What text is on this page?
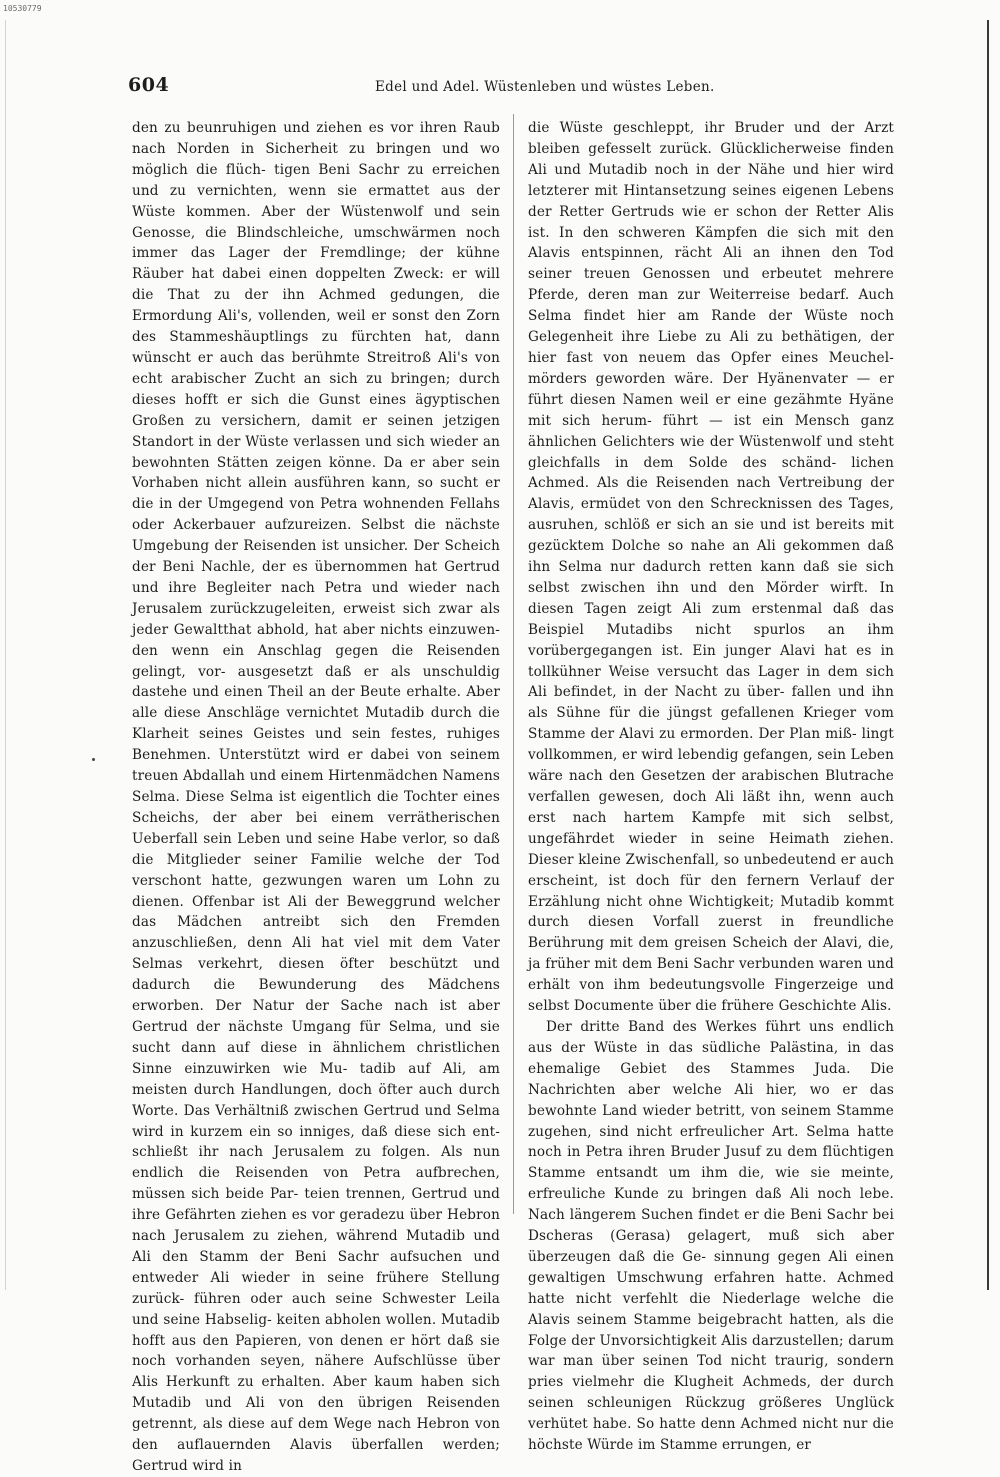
10530779
604	Edel und Adel. Wüstenleben und wüstes Leben.

den zu beunruhigen und ziehen es vor ihren Raub nach Norden in Sicherheit zu bringen und wo möglich die flüch- tigen Beni Sachr zu erreichen und zu vernichten, wenn sie ermattet aus der Wüste kommen. Aber der Wüstenwolf und sein Genosse, die Blindschleiche, umschwärmen noch immer das Lager der Fremdlinge; der kühne Räuber hat dabei einen doppelten Zweck: er will die That zu der ihn Achmed gedungen, die Ermordung Ali's, vollenden, weil er sonst den Zorn des Stammeshäuptlings zu fürchten hat, dann wünscht er auch das berühmte Streitroß Ali's von echt arabischer Zucht an sich zu bringen; durch dieses hofft er sich die Gunst eines ägyptischen Großen zu versichern, damit er seinen jetzigen Standort in der Wüste verlassen und sich wieder an bewohnten Stätten zeigen könne. Da er aber sein Vorhaben nicht allein ausführen kann, so sucht er die in der Umgegend von Petra wohnenden Fellahs oder Ackerbauer aufzureizen. Selbst die nächste Umgebung der Reisenden ist unsicher. Der Scheich der Beni Nachle, der es übernommen hat Gertrud und ihre Begleiter nach Petra und wieder nach Jerusalem zurückzugeleiten, erweist sich zwar als jeder Gewaltthat abhold, hat aber nichts einzuwen- den wenn ein Anschlag gegen die Reisenden gelingt, vor- ausgesetzt daß er als unschuldig dastehe und einen Theil an der Beute erhalte. Aber alle diese Anschläge vernichtet Mutadib durch die Klarheit seines Geistes und sein festes, ruhiges Benehmen. Unterstützt wird er dabei von seinem treuen Abdallah und einem Hirtenmädchen Namens Selma. Diese Selma ist eigentlich die Tochter eines Scheichs, der aber bei einem verrätherischen Ueberfall sein Leben und seine Habe verlor, so daß die Mitglieder seiner Familie welche der Tod verschont hatte, gezwungen waren um Lohn zu dienen. Offenbar ist Ali der Beweggrund welcher das Mädchen antreibt sich den Fremden anzuschließen, denn Ali hat viel mit dem Vater Selmas verkehrt, diesen öfter beschützt und dadurch die Bewunderung des Mädchens erworben. Der Natur der Sache nach ist aber Gertrud der nächste Umgang für Selma, und sie sucht dann auf diese in ähnlichem christlichen Sinne einzuwirken wie Mu- tadib auf Ali, am meisten durch Handlungen, doch öfter auch durch Worte. Das Verhältniß zwischen Gertrud und Selma wird in kurzem ein so inniges, daß diese sich ent- schließt ihr nach Jerusalem zu folgen. Als nun endlich die Reisenden von Petra aufbrechen, müssen sich beide Par- teien trennen, Gertrud und ihre Gefährten ziehen es vor geradezu über Hebron nach Jerusalem zu ziehen, während Mutadib und Ali den Stamm der Beni Sachr aufsuchen und entweder Ali wieder in seine frühere Stellung zurück- führen oder auch seine Schwester Leila und seine Habselig- keiten abholen wollen. Mutadib hofft aus den Papieren, von denen er hört daß sie noch vorhanden seyen, nähere Aufschlüsse über Alis Herkunft zu erhalten. Aber kaum haben sich Mutadib und Ali von den übrigen Reisenden getrennt, als diese auf dem Wege nach Hebron von den auflauernden Alavis überfallen werden; Gertrud wird in

die Wüste geschleppt, ihr Bruder und der Arzt bleiben gefesselt zurück. Glücklicherweise finden Ali und Mutadib noch in der Nähe und hier wird letzterer mit Hintansetzung seines eigenen Lebens der Retter Gertruds wie er schon der Retter Alis ist. In den schweren Kämpfen die sich mit den Alavis entspinnen, rächt Ali an ihnen den Tod seiner treuen Genossen und erbeutet mehrere Pferde, deren man zur Weiterreise bedarf. Auch Selma findet hier am Rande der Wüste noch Gelegenheit ihre Liebe zu Ali zu bethätigen, der hier fast von neuem das Opfer eines Meuchel- mörders geworden wäre. Der Hyänenvater — er führt diesen Namen weil er eine gezähmte Hyäne mit sich herum- führt — ist ein Mensch ganz ähnlichen Gelichters wie der Wüstenwolf und steht gleichfalls in dem Solde des schänd- lichen Achmed. Als die Reisenden nach Vertreibung der Alavis, ermüdet von den Schrecknissen des Tages, ausruhen, schlöß er sich an sie und ist bereits mit gezücktem Dolche so nahe an Ali gekommen daß ihn Selma nur dadurch retten kann daß sie sich selbst zwischen ihn und den Mörder wirft. In diesen Tagen zeigt Ali zum erstenmal daß das Beispiel Mutadibs nicht spurlos an ihm vorübergegangen ist. Ein junger Alavi hat es in tollkühner Weise versucht das Lager in dem sich Ali befindet, in der Nacht zu über- fallen und ihn als Sühne für die jüngst gefallenen Krieger vom Stamme der Alavi zu ermorden. Der Plan miß- lingt vollkommen, er wird lebendig gefangen, sein Leben wäre nach den Gesetzen der arabischen Blutrache verfallen gewesen, doch Ali läßt ihn, wenn auch erst nach hartem Kampfe mit sich selbst, ungefährdet wieder in seine Heimath ziehen. Dieser kleine Zwischenfall, so unbedeutend er auch erscheint, ist doch für den fernern Verlauf der Erzählung nicht ohne Wichtigkeit; Mutadib kommt durch diesen Vorfall zuerst in freundliche Berührung mit dem greisen Scheich der Alavi, die, ja früher mit dem Beni Sachr verbunden waren und erhält von ihm bedeutungsvolle Fingerzeige und selbst Documente über die frühere Geschichte Alis.

Der dritte Band des Werkes führt uns endlich aus der Wüste in das südliche Palästina, in das ehemalige Gebiet des Stammes Juda. Die Nachrichten aber welche Ali hier, wo er das bewohnte Land wieder betritt, von seinem Stamme zugehen, sind nicht erfreulicher Art. Selma hatte noch in Petra ihren Bruder Jusuf zu dem flüchtigen Stamme entsandt um ihm die, wie sie meinte, erfreuliche Kunde zu bringen daß Ali noch lebe. Nach längerem Suchen findet er die Beni Sachr bei Dscheras (Gerasa) gelagert, muß sich aber überzeugen daß die Ge- sinnung gegen Ali einen gewaltigen Umschwung erfahren hatte. Achmed hatte nicht verfehlt die Niederlage welche die Alavis seinem Stamme beigebracht hatten, als die Folge der Unvorsichtigkeit Alis darzustellen; darum war man über seinen Tod nicht traurig, sondern pries vielmehr die Klugheit Achmeds, der durch seinen schleunigen Rückzug größeres Unglück verhütet habe. So hatte denn Achmed nicht nur die höchste Würde im Stamme errungen, er
